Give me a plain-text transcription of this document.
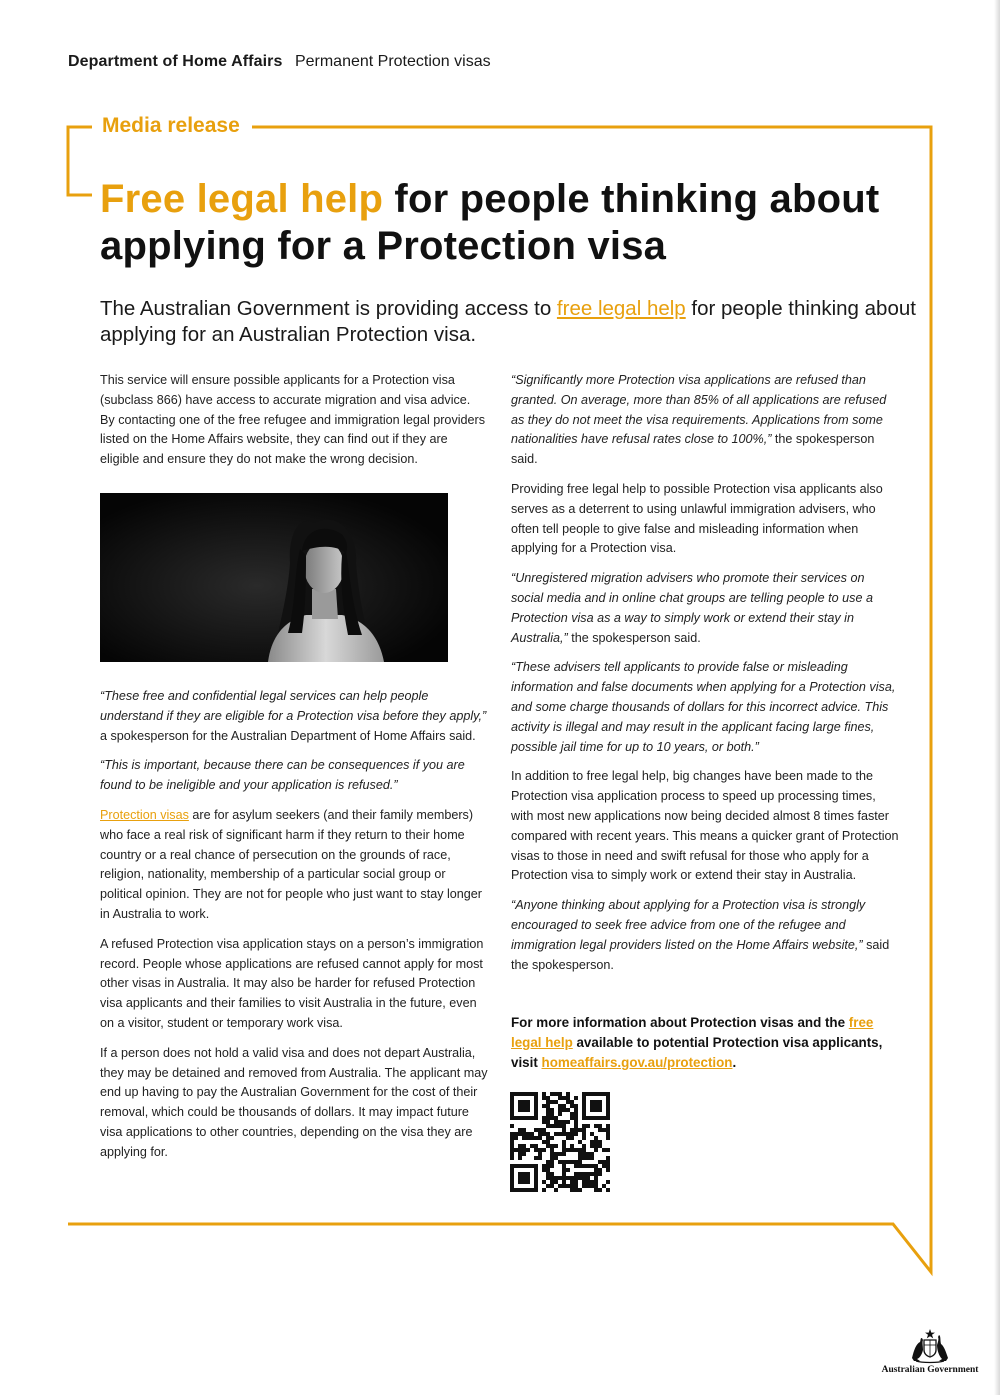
Department of Home Affairs Permanent Protection visas
Media release
Free legal help for people thinking about applying for a Protection visa
The Australian Government is providing access to free legal help for people thinking about applying for an Australian Protection visa.

This service will ensure possible applicants for a Protection visa (subclass 866) have access to accurate migration and visa advice. By contacting one of the free refugee and immigration legal providers listed on the Home Affairs website, they can find out if they are eligible and ensure they do not make the wrong decision.

“These free and confidential legal services can help people understand if they are eligible for a Protection visa before they apply,” a spokesperson for the Australian Department of Home Affairs said.

“This is important, because there can be consequences if you are found to be ineligible and your application is refused.”

Protection visas are for asylum seekers (and their family members) who face a real risk of significant harm if they return to their home country or a real chance of persecution on the grounds of race, religion, nationality, membership of a particular social group or political opinion. They are not for people who just want to stay longer in Australia to work.

A refused Protection visa application stays on a person’s immigration record. People whose applications are refused cannot apply for most other visas in Australia. It may also be harder for refused Protection visa applicants and their families to visit Australia in the future, even on a visitor, student or temporary work visa.

If a person does not hold a valid visa and does not depart Australia, they may be detained and removed from Australia. The applicant may end up having to pay the Australian Government for the cost of their removal, which could be thousands of dollars. It may impact future visa applications to other countries, depending on the visa they are applying for.

“Significantly more Protection visa applications are refused than granted. On average, more than 85% of all applications are refused as they do not meet the visa requirements. Applications from some nationalities have refusal rates close to 100%,” the spokesperson said.

Providing free legal help to possible Protection visa applicants also serves as a deterrent to using unlawful immigration advisers, who often tell people to give false and misleading information when applying for a Protection visa.

“Unregistered migration advisers who promote their services on social media and in online chat groups are telling people to use a Protection visa as a way to simply work or extend their stay in Australia,” the spokesperson said.

“These advisers tell applicants to provide false or misleading information and false documents when applying for a Protection visa, and some charge thousands of dollars for this incorrect advice. This activity is illegal and may result in the applicant facing large fines, possible jail time for up to 10 years, or both.”

In addition to free legal help, big changes have been made to the Protection visa application process to speed up processing times, with most new applications now being decided almost 8 times faster compared with recent years. This means a quicker grant of Protection visas to those in need and swift refusal for those who apply for a Protection visa to simply work or extend their stay in Australia.

“Anyone thinking about applying for a Protection visa is strongly encouraged to seek free advice from one of the refugee and immigration legal providers listed on the Home Affairs website,” said the spokesperson.

For more information about Protection visas and the free legal help available to potential Protection visa applicants, visit homeaffairs.gov.au/protection.
Australian Government
